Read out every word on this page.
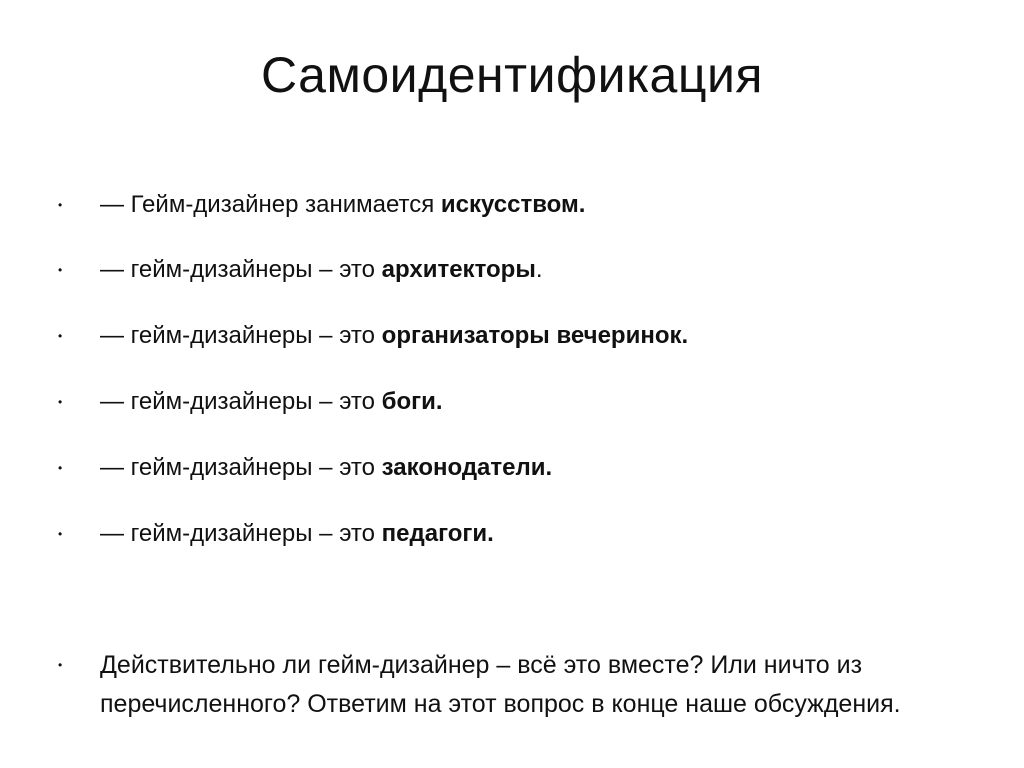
Самоидентификация
•	— Гейм-дизайнер занимается искусством.
•	— гейм-дизайнеры – это архитекторы.
•	— гейм-дизайнеры – это организаторы вечеринок.
•	— гейм-дизайнеры – это боги.
•	— гейм-дизайнеры – это законодатели.
•	— гейм-дизайнеры – это педагоги.
•	Действительно ли гейм-дизайнер – всё это вместе? Или ничто из перечисленного? Ответим на этот вопрос в конце наше обсуждения.
